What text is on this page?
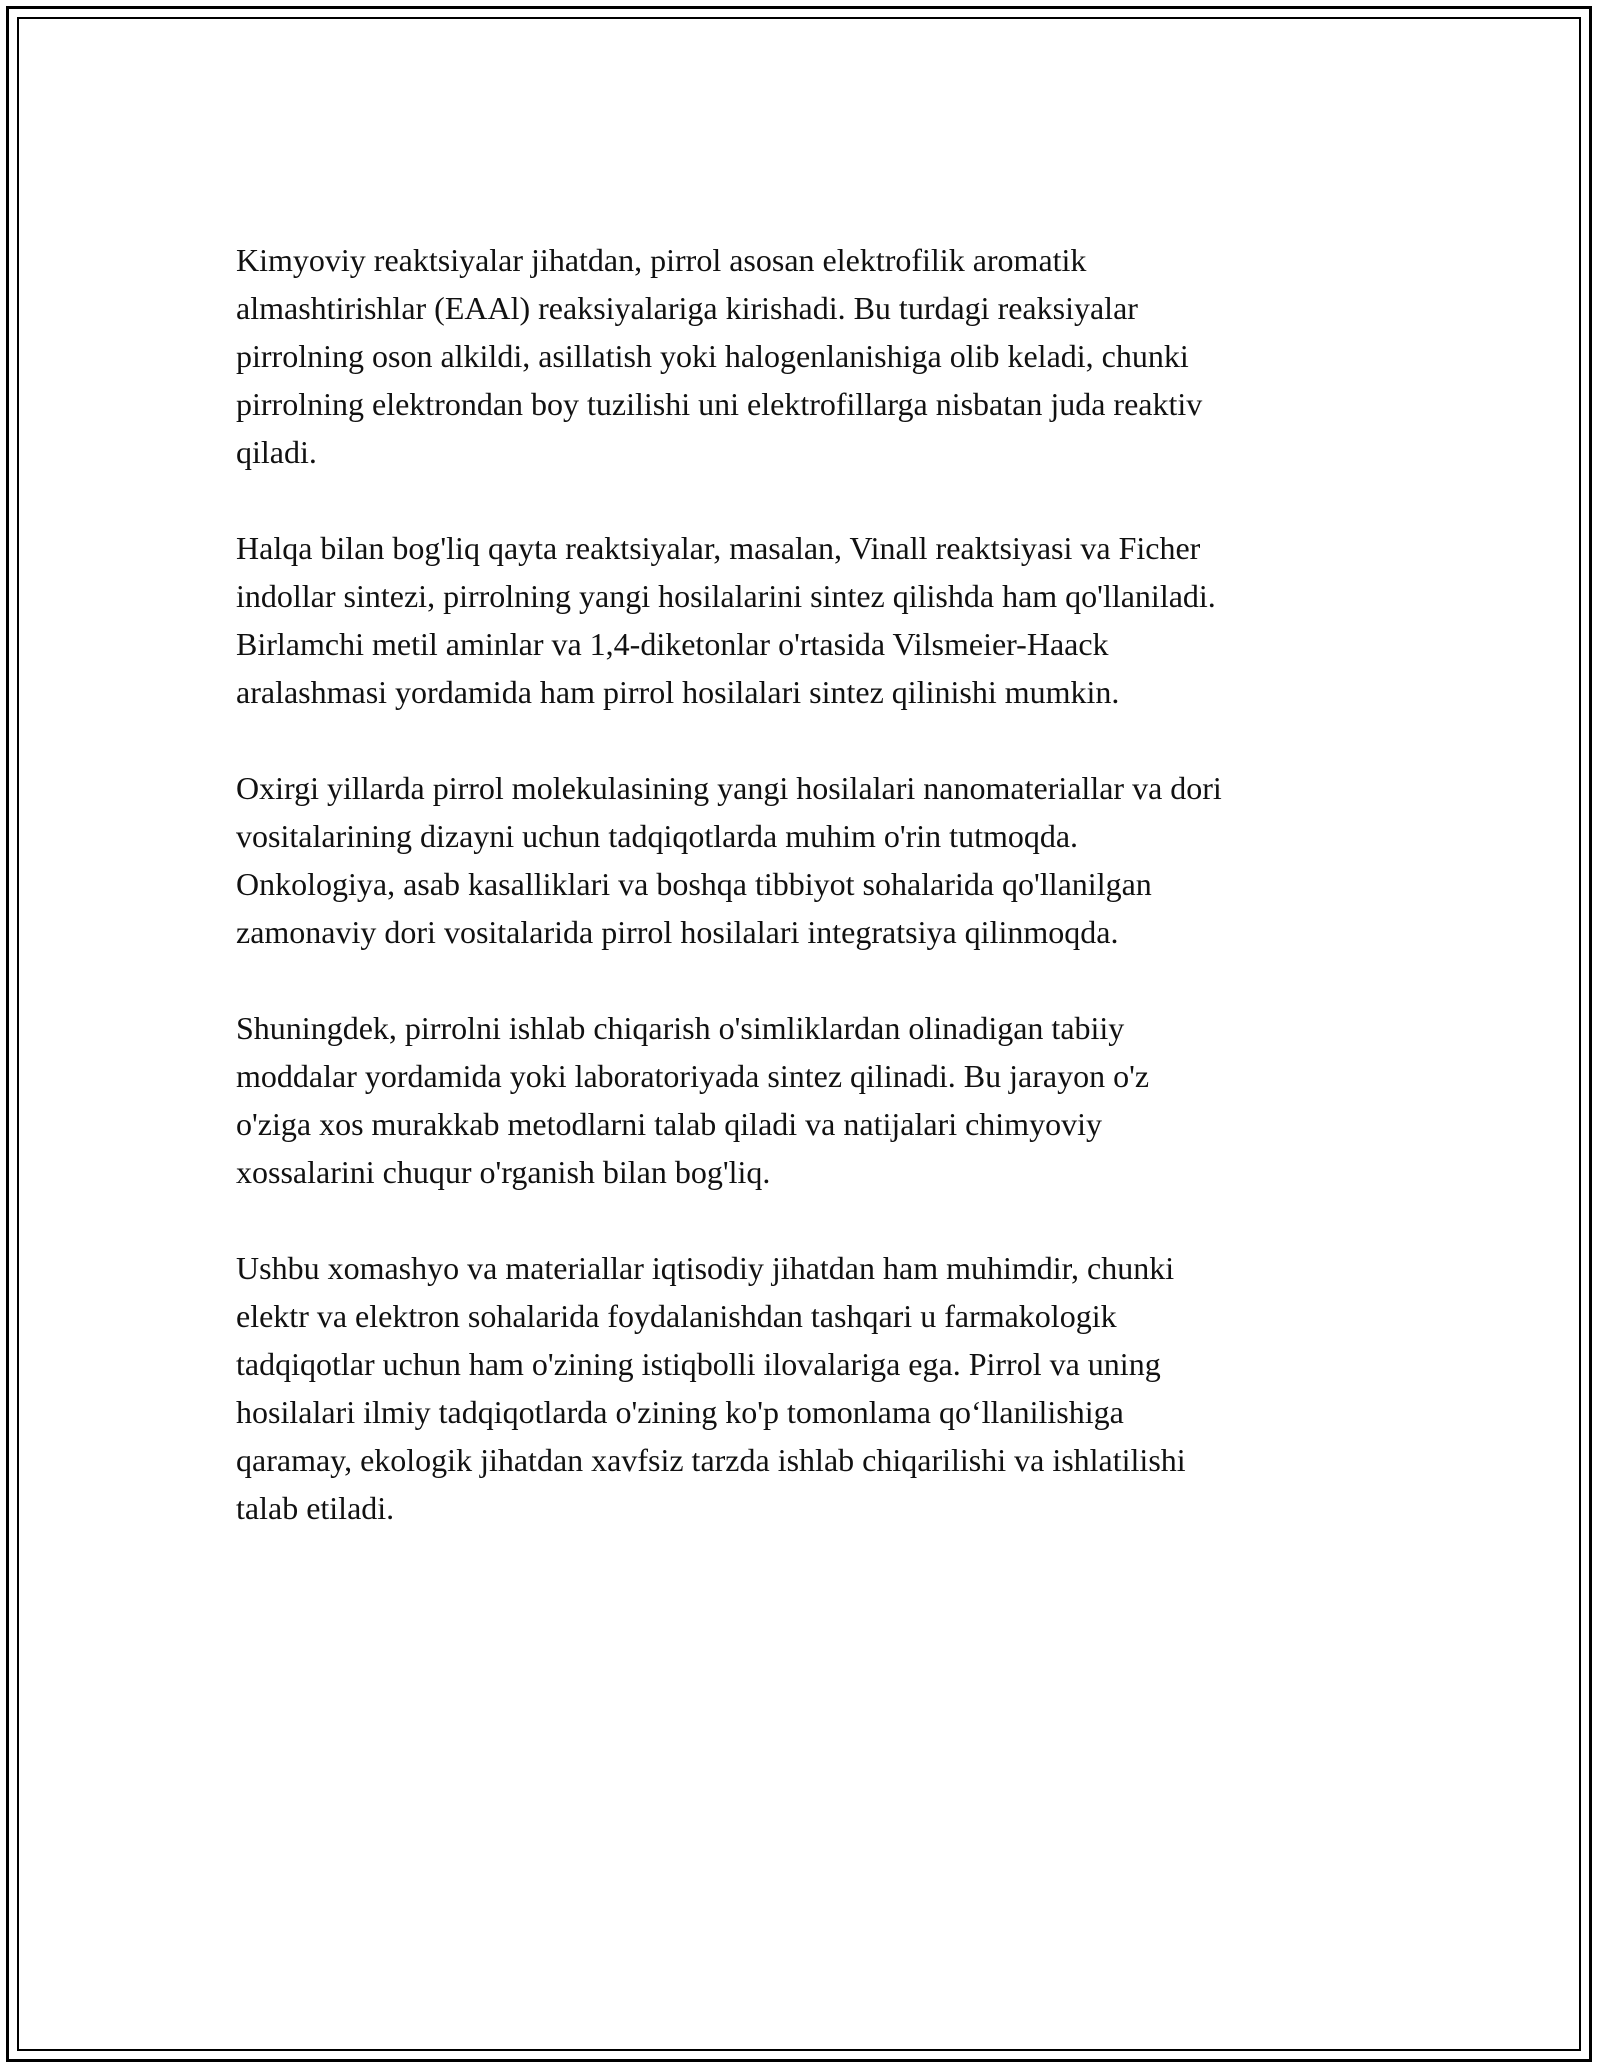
Kimyoviy reaktsiyalar jihatdan, pirrol asosan elektrofilik aromatik
almashtirishlar (EAAl) reaksiyalariga kirishadi. Bu turdagi reaksiyalar
pirrolning oson alkildi, asillatish yoki halogenlanishiga olib keladi, chunki
pirrolning elektrondan boy tuzilishi uni elektrofillarga nisbatan juda reaktiv
qiladi.

Halqa bilan bog'liq qayta reaktsiyalar, masalan, Vinall reaktsiyasi va Ficher
indollar sintezi, pirrolning yangi hosilalarini sintez qilishda ham qo'llaniladi.
Birlamchi metil aminlar va 1,4-diketonlar o'rtasida Vilsmeier-Haack
aralashmasi yordamida ham pirrol hosilalari sintez qilinishi mumkin.

Oxirgi yillarda pirrol molekulasining yangi hosilalari nanomateriallar va dori
vositalarining dizayni uchun tadqiqotlarda muhim o'rin tutmoqda.
Onkologiya, asab kasalliklari va boshqa tibbiyot sohalarida qo'llanilgan
zamonaviy dori vositalarida pirrol hosilalari integratsiya qilinmoqda.

Shuningdek, pirrolni ishlab chiqarish o'simliklardan olinadigan tabiiy
moddalar yordamida yoki laboratoriyada sintez qilinadi. Bu jarayon o'z
o'ziga xos murakkab metodlarni talab qiladi va natijalari chimyoviy
xossalarini chuqur o'rganish bilan bog'liq.

Ushbu xomashyo va materiallar iqtisodiy jihatdan ham muhimdir, chunki
elektr va elektron sohalarida foydalanishdan tashqari u farmakologik
tadqiqotlar uchun ham o'zining istiqbolli ilovalariga ega. Pirrol va uning
hosilalari ilmiy tadqiqotlarda o'zining ko'p tomonlama qo‘llanilishiga
qaramay, ekologik jihatdan xavfsiz tarzda ishlab chiqarilishi va ishlatilishi
talab etiladi.
